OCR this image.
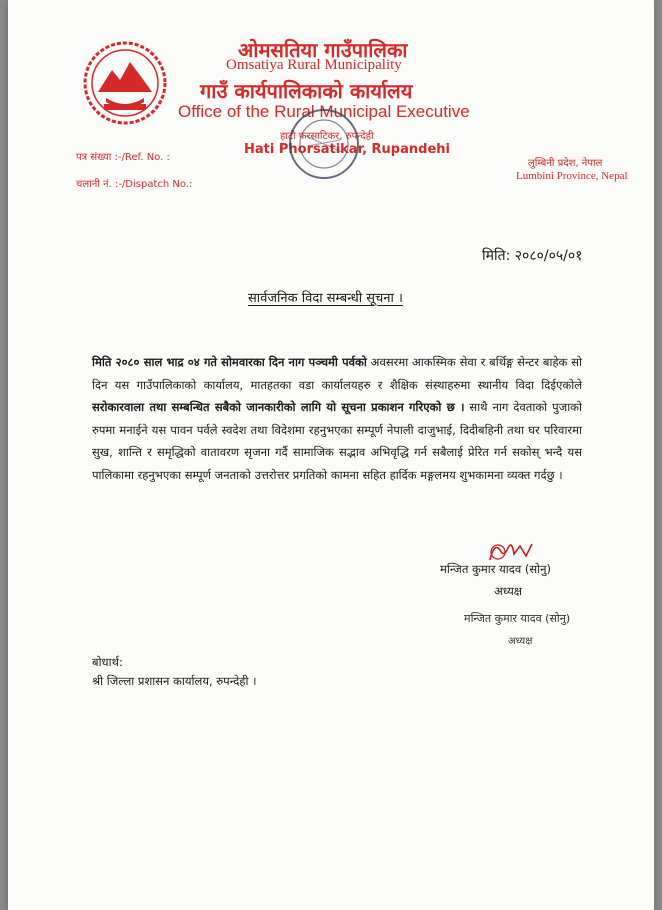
ओमसतिया गाउँपालिका
Omsatiya Rural Municipality
गाउँ कार्यपालिकाको कार्यालय
Office of the Rural Municipal Executive
हाटी फरसाटिकर, रुपन्देही
Hati Phorsatikar, Rupandehi
पत्र संख्या :-/Ref. No. :
चलानी नं. :-/Dispatch No.:
लुम्बिनी प्रदेश, नेपाल
Lumbini Province, Nepal
मिति: २०८०/०५/०१
सार्वजनिक विदा सम्बन्धी सूचना ।
मिति २०८० साल भाद्र ०४ गते सोमवारका दिन नाग पञ्चमी पर्वको अवसरमा आकस्मिक सेवा र बर्थिङ्ग सेन्टर बाहेक सो दिन यस गाउँपालिकाको कार्यालय, मातहतका वडा कार्यालयहरु र शैक्षिक संस्थाहरुमा स्थानीय विदा दिईएकोले सरोकारवाला तथा सम्बन्धित सबैको जानकारीको लागि यो सूचना प्रकाशन गरिएको छ । साथै नाग देवताको पुजाको रुपमा मनाईने यस पावन पर्वले स्वदेश तथा विदेशमा रहनुभएका सम्पूर्ण नेपाली दाजुभाई, दिदीबहिनी तथा घर परिवारमा सुख, शान्ति र समृद्धिको वातावरण सृजना गर्दै सामाजिक सद्भाव अभिवृद्धि गर्न सबैलाई प्रेरित गर्न सकोस् भन्दै यस पालिकामा रहनुभएका सम्पूर्ण जनताको उत्तरोत्तर प्रगतिको कामना सहित हार्दिक मङ्गलमय शुभकामना व्यक्त गर्दछु ।
मन्जित कुमार यादव (सोनु)
अध्यक्ष
मन्जित कुमार यादव (सोनु)
अध्यक्ष
बोधार्थ:
श्री जिल्ला प्रशासन कार्यालय, रुपन्देही ।
